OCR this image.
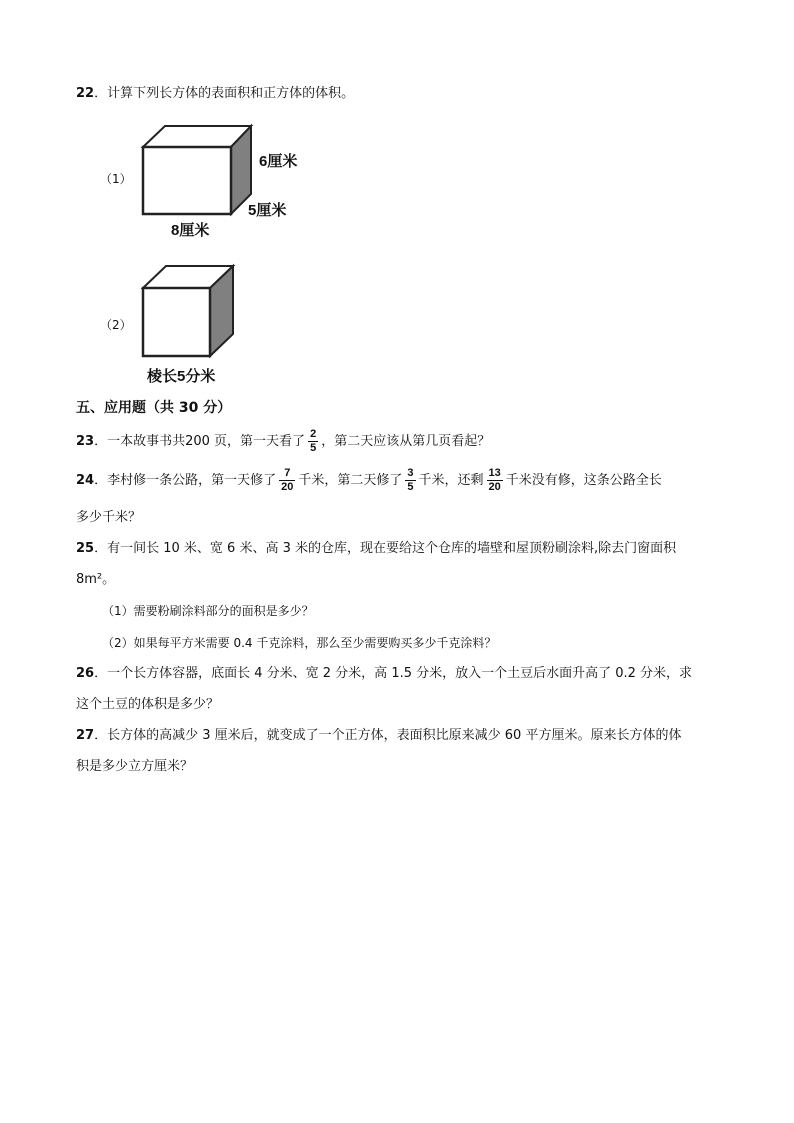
22．计算下列长方体的表面积和正方体的体积。
（1）
6厘米
5厘米
8厘米
（2）
棱长5分米
五、应用题（共 30 分）
23．一本故事书共200 页，第一天看了 $\frac{2}{5}$ ，第二天应该从第几页看起？
24．李村修一条公路，第一天修了 $\frac{7}{20}$ 千米，第二天修了 $\frac{3}{5}$ 千米，还剩 $\frac{13}{20}$ 千米没有修，这条公路全长
多少千米？
25．有一间长 10 米、宽 6 米、高 3 米的仓库，现在要给这个仓库的墙壁和屋顶粉刷涂料,除去门窗面积
8m²。
（1）需要粉刷涂料部分的面积是多少？
（2）如果每平方米需要 0.4 千克涂料，那么至少需要购买多少千克涂料？
26．一个长方体容器，底面长 4 分米、宽 2 分米，高 1.5 分米，放入一个土豆后水面升高了 0.2 分米，求
这个土豆的体积是多少？
27．长方体的高减少 3 厘米后，就变成了一个正方体，表面积比原来减少 60 平方厘米。原来长方体的体
积是多少立方厘米？
